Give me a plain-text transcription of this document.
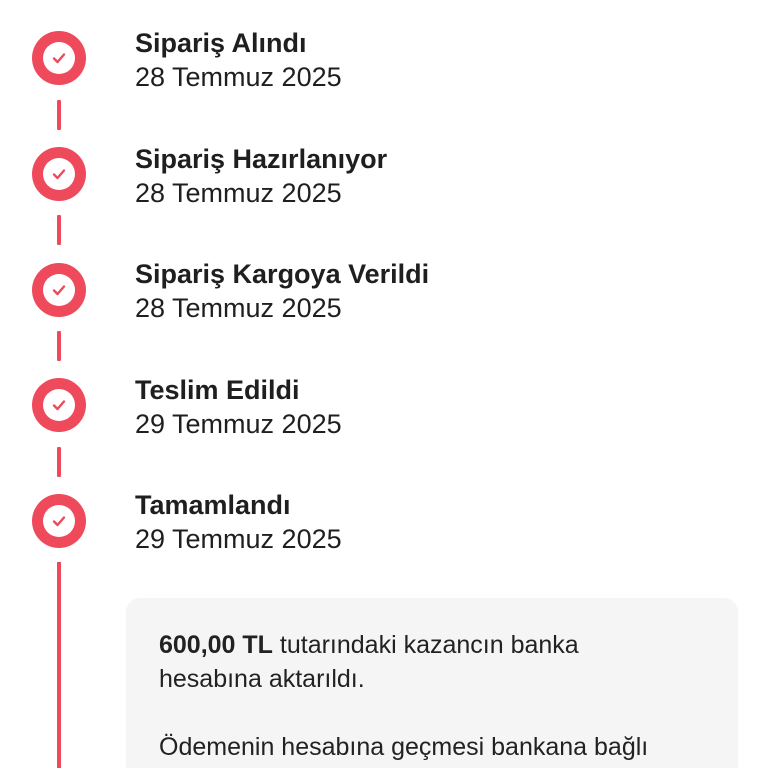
Sipariş Alındı
28 Temmuz 2025
Sipariş Hazırlanıyor
28 Temmuz 2025
Sipariş Kargoya Verildi
28 Temmuz 2025
Teslim Edildi
29 Temmuz 2025
Tamamlandı
29 Temmuz 2025
600,00 TL tutarındaki kazancın banka
hesabına aktarıldı.
Ödemenin hesabına geçmesi bankana bağlı
